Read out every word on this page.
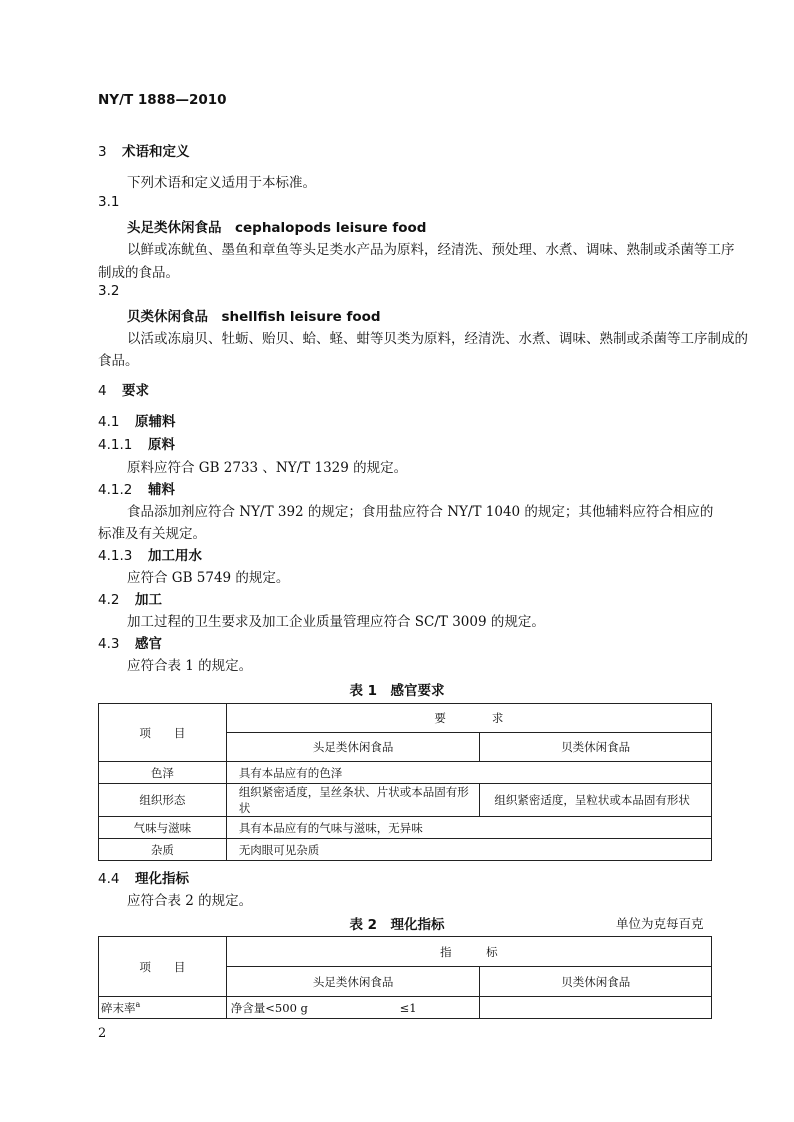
NY/T 1888—2010
3 术语和定义
下列术语和定义适用于本标准。
3.1
头足类休闲食品　cephalopods leisure food
以鲜或冻鱿鱼、墨鱼和章鱼等头足类水产品为原料，经清洗、预处理、水煮、调味、熟制或杀菌等工序
制成的食品。
3.2
贝类休闲食品　shellfish leisure food
以活或冻扇贝、牡蛎、贻贝、蛤、蛏、蚶等贝类为原料，经清洗、水煮、调味、熟制或杀菌等工序制成的
食品。
4 要求
4.1 原辅料
4.1.1 原料
原料应符合 GB 2733 、NY/T 1329 的规定。
4.1.2 辅料
食品添加剂应符合 NY/T 392 的规定；食用盐应符合 NY/T 1040 的规定；其他辅料应符合相应的
标准及有关规定。
4.1.3 加工用水
应符合 GB 5749 的规定。
4.2 加工
加工过程的卫生要求及加工企业质量管理应符合 SC/T 3009 的规定。
4.3 感官
应符合表 1 的规定。
表 1　感官要求
项　　目	要　　　　求	
	头足类休闲食品	贝类休闲食品
色泽	具有本品应有的色泽	
组织形态	组织紧密适度，呈丝条状、片状或本品固有形状	组织紧密适度，呈粒状或本品固有形状
气味与滋味	具有本品应有的气味与滋味，无异味	
杂质	无肉眼可见杂质	
4.4 理化指标
应符合表 2 的规定。
表 2　理化指标	单位为克每百克
项　　目	指　　　标	
	头足类休闲食品	贝类休闲食品
碎末率$^a$	净含量<500 g ≤1	
2
